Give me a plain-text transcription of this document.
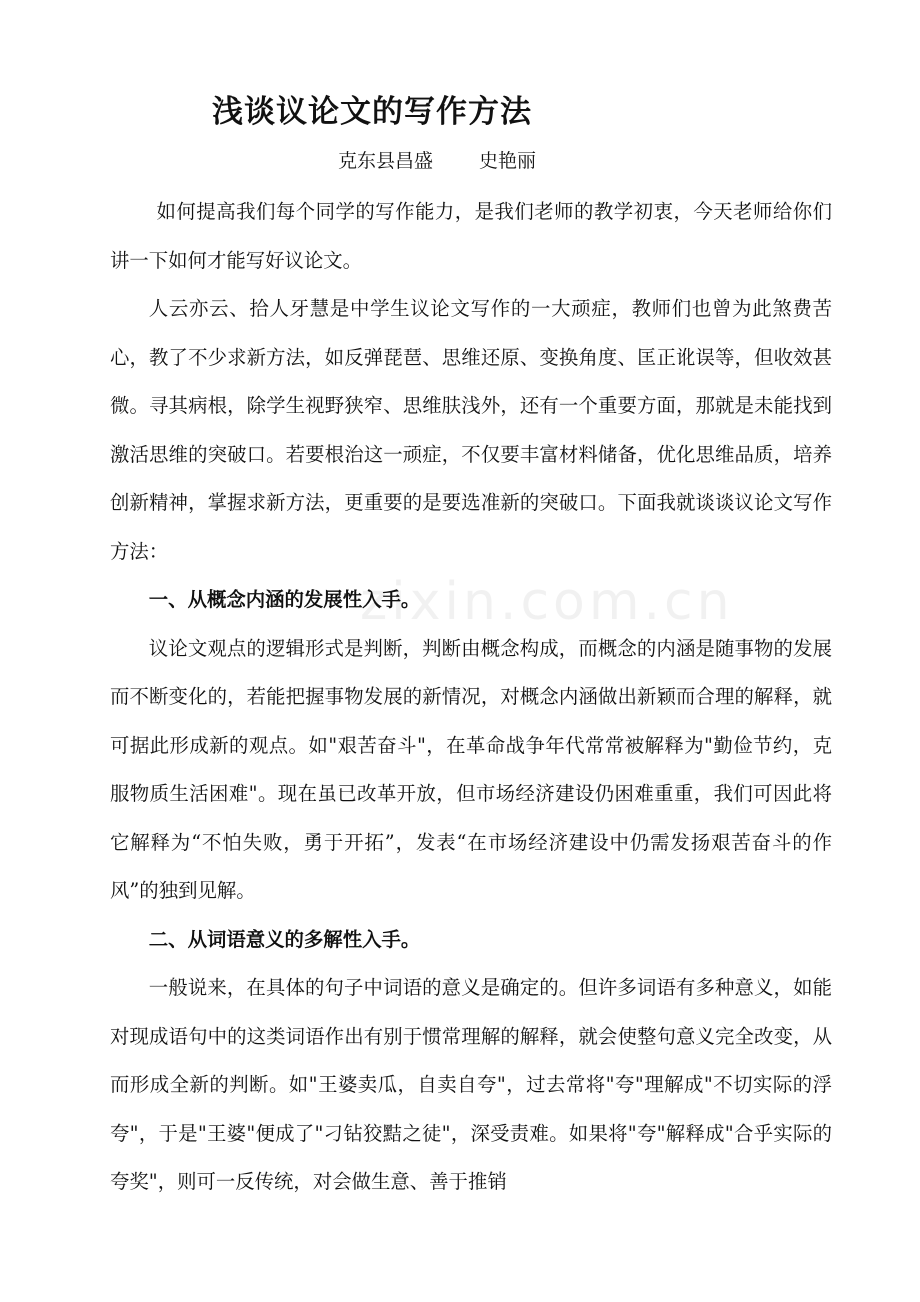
浅谈议论文的写作方法
克东县昌盛 史艳丽
zixin.com.cn

如何提高我们每个同学的写作能力，是我们老师的教学初衷，今天老师给你们讲一下如何才能写好议论文。

人云亦云、拾人牙慧是中学生议论文写作的一大顽症，教师们也曾为此煞费苦心，教了不少求新方法，如反弹琵琶、思维还原、变换角度、匡正讹误等，但收效甚微。寻其病根，除学生视野狭窄、思维肤浅外，还有一个重要方面，那就是未能找到激活思维的突破口。若要根治这一顽症，不仅要丰富材料储备，优化思维品质，培养创新精神，掌握求新方法，更重要的是要选准新的突破口。下面我就谈谈议论文写作方法：

一、从概念内涵的发展性入手。

议论文观点的逻辑形式是判断，判断由概念构成，而概念的内涵是随事物的发展而不断变化的，若能把握事物发展的新情况，对概念内涵做出新颖而合理的解释，就可据此形成新的观点。如"艰苦奋斗"，在革命战争年代常常被解释为"勤俭节约，克服物质生活困难"。现在虽已改革开放，但市场经济建设仍困难重重，我们可因此将它解释为“不怕失败，勇于开拓”，发表“在市场经济建设中仍需发扬艰苦奋斗的作风”的独到见解。

二、从词语意义的多解性入手。

一般说来，在具体的句子中词语的意义是确定的。但许多词语有多种意义，如能对现成语句中的这类词语作出有别于惯常理解的解释，就会使整句意义完全改变，从而形成全新的判断。如"王婆卖瓜，自卖自夸"，过去常将"夸"理解成"不切实际的浮夸"，于是"王婆"便成了"刁钻狡黠之徒"，深受责难。如果将"夸"解释成"合乎实际的夸奖"，则可一反传统，对会做生意、善于推销
